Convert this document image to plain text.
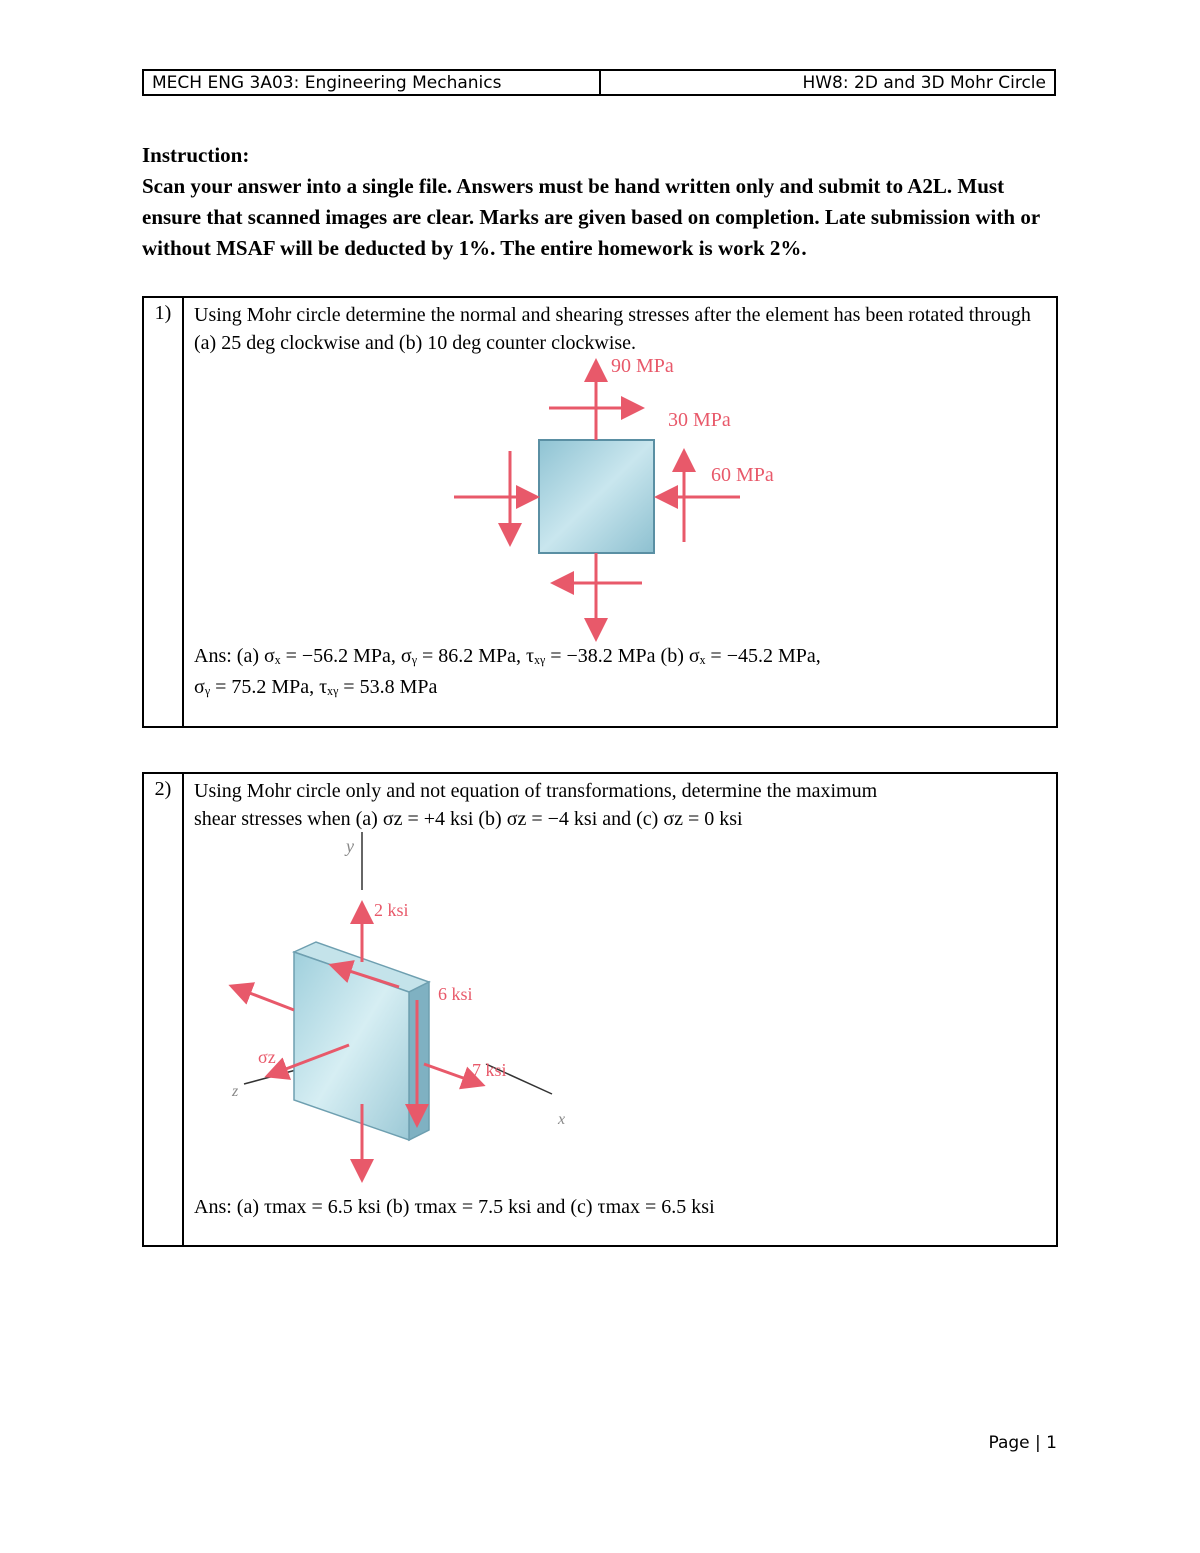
MECH ENG 3A03: Engineering Mechanics	HW8: 2D and 3D Mohr Circle
Instruction:
Scan your answer into a single file. Answers must be hand written only and submit to A2L. Must ensure that scanned images are clear. Marks are given based on completion. Late submission with or without MSAF will be deducted by 1%. The entire homework is work 2%.
1)	Using Mohr circle determine the normal and shearing stresses after the element has been rotated through (a) 25 deg clockwise and (b) 10 deg counter clockwise.
90 MPa
30 MPa
60 MPa
Ans: (a) σₓ = −56.2 MPa, σᵧ = 86.2 MPa, τₓᵧ = −38.2 MPa (b) σₓ = −45.2 MPa,
σᵧ = 75.2 MPa, τₓᵧ = 53.8 MPa
2)	Using Mohr circle only and not equation of transformations, determine the maximum
shear stresses when (a) σz = +4 ksi (b) σz = −4 ksi and (c) σz = 0 ksi
y
z
x
2 ksi
6 ksi
7 ksi
σz
Ans: (a) τmax = 6.5 ksi (b) τmax = 7.5 ksi and (c) τmax = 6.5 ksi
Page | 1
